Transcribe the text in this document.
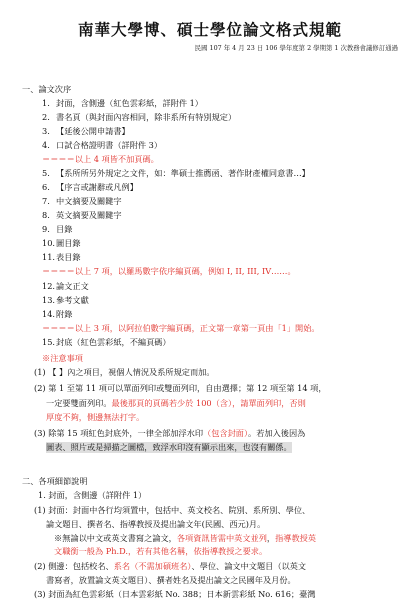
南華大學博、碩士學位論文格式規範
民國 107 年 4 月 23 日 106 學年度第 2 學期第 1 次教務會議修訂通過
一、論文次序
1. 封面，含側邊（紅色雲彩紙，詳附件 1）
2. 書名頁（與封面內容相同，除非系所有特別規定）
3. 【延後公開申請書】
4. 口試合格證明書（詳附件 3）
＝＝＝＝以上 4 項皆不加頁碼。
5. 【系所所另外規定之文件，如：準碩士推薦函、著作財產權同意書…】
6. 【序言或謝辭或凡例】
7. 中文摘要及關鍵字
8. 英文摘要及關鍵字
9. 目錄
10.圖目錄
11.表目錄
＝＝＝＝以上 7 項，以羅馬數字依序編頁碼，例如 I, II, III, IV……。
12.論文正文
13.參考文獻
14.附錄
＝＝＝＝以上 3 項，以阿拉伯數字編頁碼，正文第一章第一頁由「1」開始。
15.封底（紅色雲彩紙，不編頁碼）
※注意事項
(1) 【 】內之項目，視個人情況及系所規定而加。
(2) 第 1 至第 11 項可以單面列印或雙面列印，自由選擇；第 12 項至第 14 項，
一定要雙面列印。最後那頁的頁碼若少於 100（含），請單面列印，否則
厚度不夠，側邊無法打字。
(3) 除第 15 項紅色封底外，一律全部加浮水印（包含封面）。若加入後因為
圖表、照片或是掃描之圖檔，致浮水印沒有顯示出來，也沒有關係。
二、各項細節說明
1. 封面，含側邊（詳附件 1）
(1) 封面：封面中各行均須置中，包括中、英文校名、院別、系所別、學位、
論文題目、撰者名、指導教授及提出論文年(民國、西元)月。
※無論以中文或英文書寫之論文，各項資訊皆需中英文並列，指導教授英
文職銜一般為 Ph.D.，若有其他名稱，依指導教授之要求。
(2) 側邊：包括校名、系名（不需加碩班名）、學位、論文中文題目（以英文
書寫者，放置論文英文題目）、撰者姓名及提出論文之民國年及月份。
(3) 封面為紅色雲彩紙（日本雲彩紙 No. 388；日本新雲彩紙 No. 616；臺灣
